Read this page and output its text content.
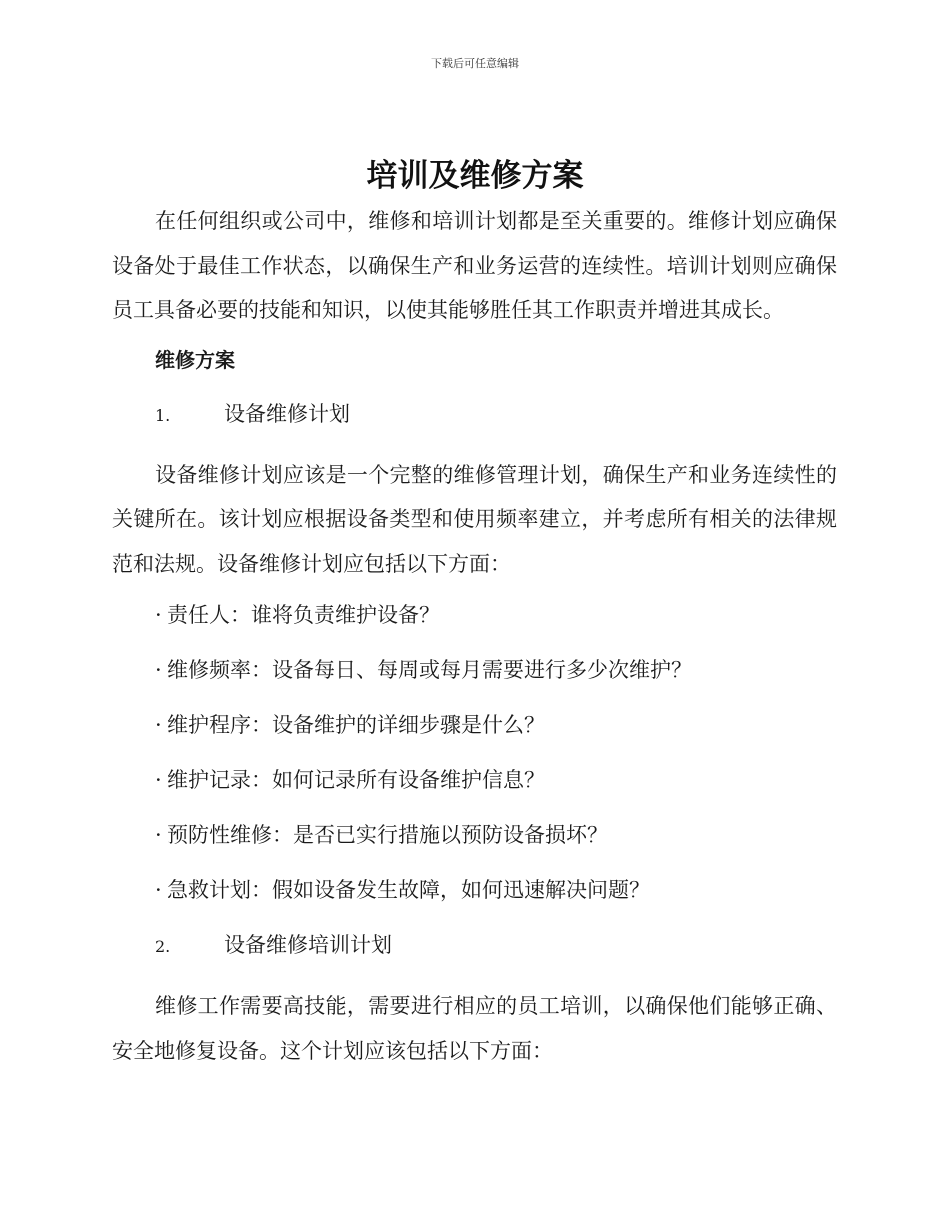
下载后可任意编辑
培训及维修方案

在任何组织或公司中，维修和培训计划都是至关重要的。维修计划应确保设备处于最佳工作状态，以确保生产和业务运营的连续性。培训计划则应确保员工具备必要的技能和知识，以使其能够胜任其工作职责并增进其成长。

维修方案
1.	设备维修计划

设备维修计划应该是一个完整的维修管理计划，确保生产和业务连续性的关键所在。该计划应根据设备类型和使用频率建立，并考虑所有相关的法律规范和法规。设备维修计划应包括以下方面：

· 责任人：谁将负责维护设备？
· 维修频率：设备每日、每周或每月需要进行多少次维护？
· 维护程序：设备维护的详细步骤是什么？
· 维护记录：如何记录所有设备维护信息？
· 预防性维修：是否已实行措施以预防设备损坏？
· 急救计划：假如设备发生故障，如何迅速解决问题？
2.	设备维修培训计划

维修工作需要高技能，需要进行相应的员工培训，以确保他们能够正确、安全地修复设备。这个计划应该包括以下方面：
